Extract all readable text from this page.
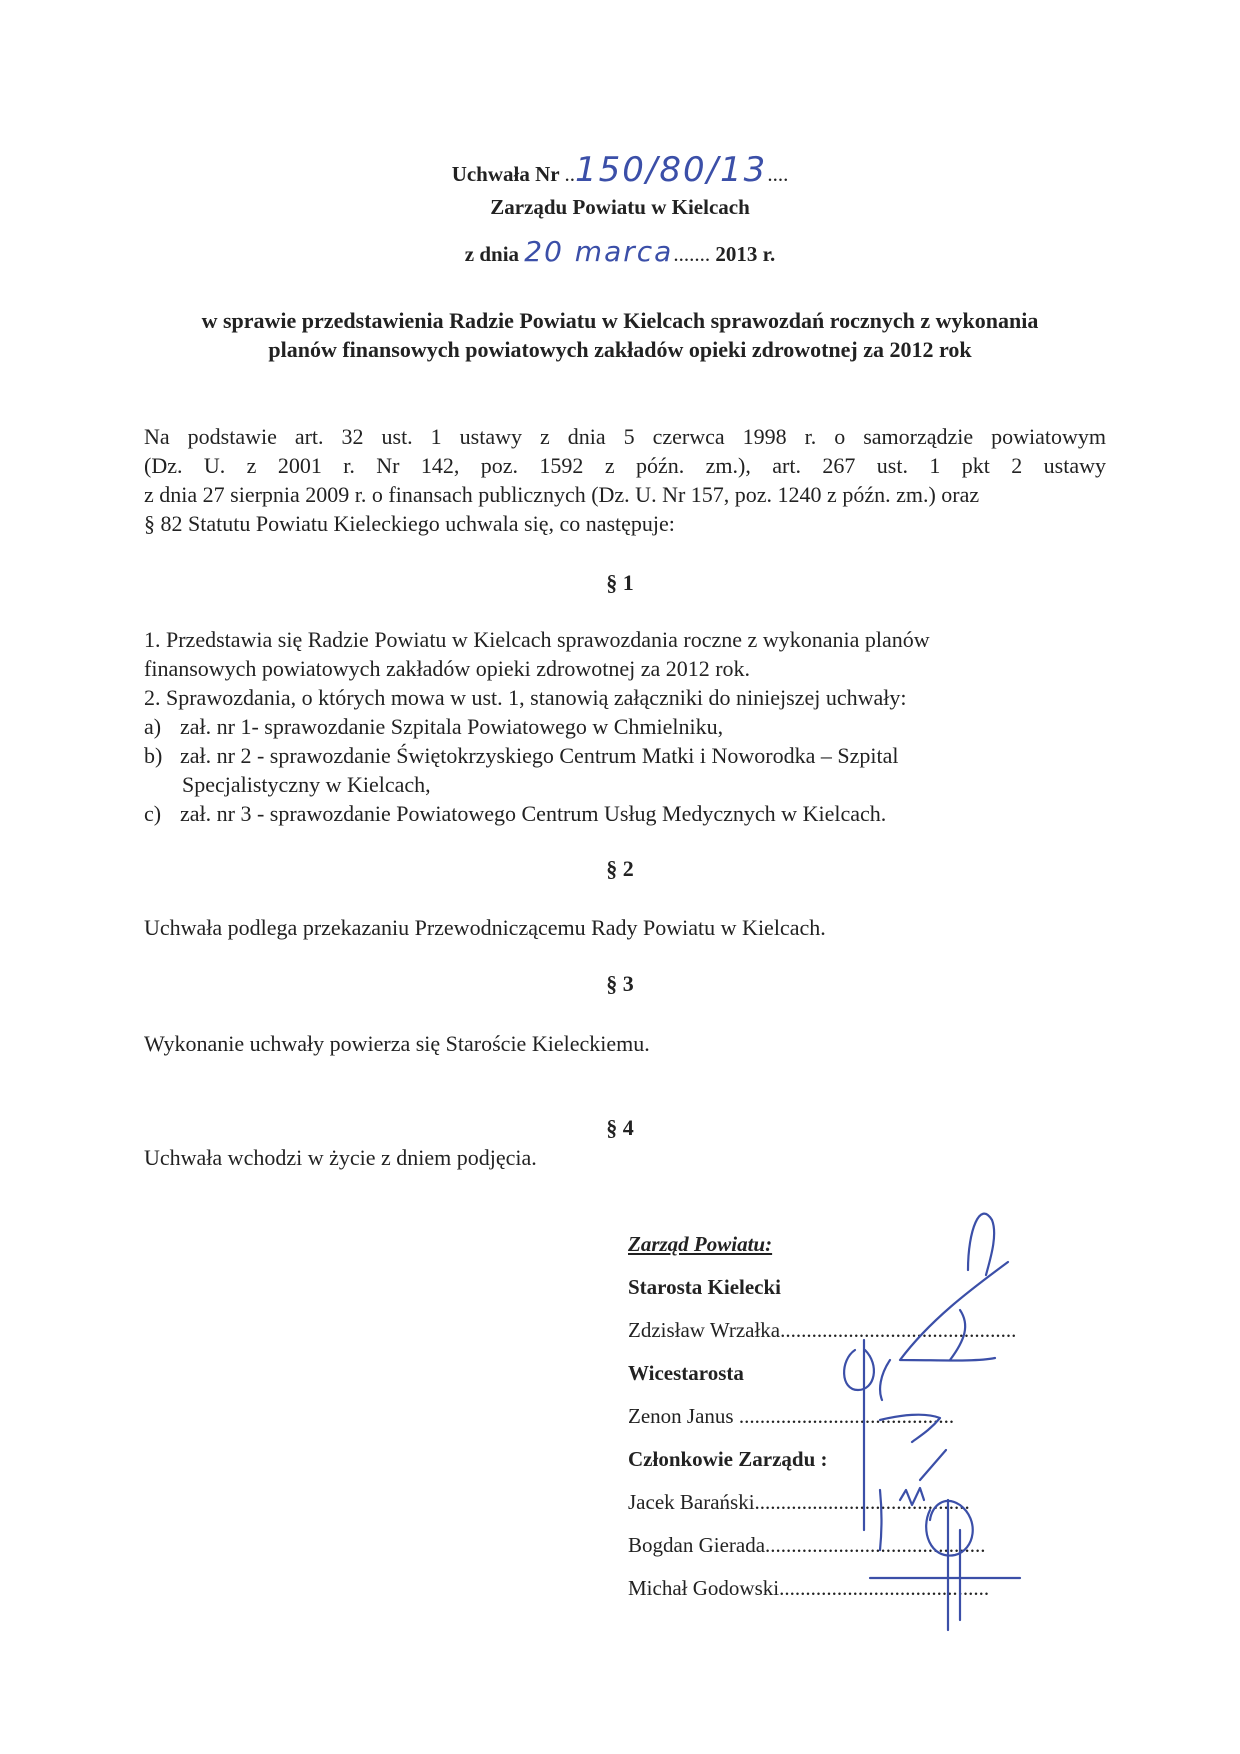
Uchwała Nr ..150/80/13....
Zarządu Powiatu w Kielcach
z dnia 20 marca....... 2013 r.
w sprawie przedstawienia Radzie Powiatu w Kielcach sprawozdań rocznych z wykonania
planów finansowych powiatowych zakładów opieki zdrowotnej za 2012 rok
Na podstawie art. 32 ust. 1 ustawy z dnia 5 czerwca 1998 r. o samorządzie powiatowym
(Dz. U. z 2001 r. Nr 142, poz. 1592 z późn. zm.), art. 267 ust. 1 pkt 2 ustawy
z dnia 27 sierpnia 2009 r. o finansach publicznych (Dz. U. Nr 157, poz. 1240 z późn. zm.) oraz
§ 82 Statutu Powiatu Kieleckiego uchwala się, co następuje:
§ 1
1. Przedstawia się Radzie Powiatu w Kielcach sprawozdania roczne z wykonania planów
finansowych powiatowych zakładów opieki zdrowotnej za 2012 rok.
2. Sprawozdania, o których mowa w ust. 1, stanowią załączniki do niniejszej uchwały:
a) zał. nr 1- sprawozdanie Szpitala Powiatowego w Chmielniku,
b) zał. nr 2 - sprawozdanie Świętokrzyskiego Centrum Matki i Noworodka – Szpital
Specjalistyczny w Kielcach,
c) zał. nr 3 - sprawozdanie Powiatowego Centrum Usług Medycznych w Kielcach.
§ 2
Uchwała podlega przekazaniu Przewodniczącemu Rady Powiatu w Kielcach.
§ 3
Wykonanie uchwały powierza się Staroście Kieleckiemu.
§ 4
Uchwała wchodzi w życie z dniem podjęcia.
Zarząd Powiatu:
Starosta Kielecki
Zdzisław Wrzałka.............................................
Wicestarosta
Zenon Janus .........................................
Członkowie Zarządu :
Jacek Barański.........................................
Bogdan Gierada..........................................
Michał Godowski........................................
